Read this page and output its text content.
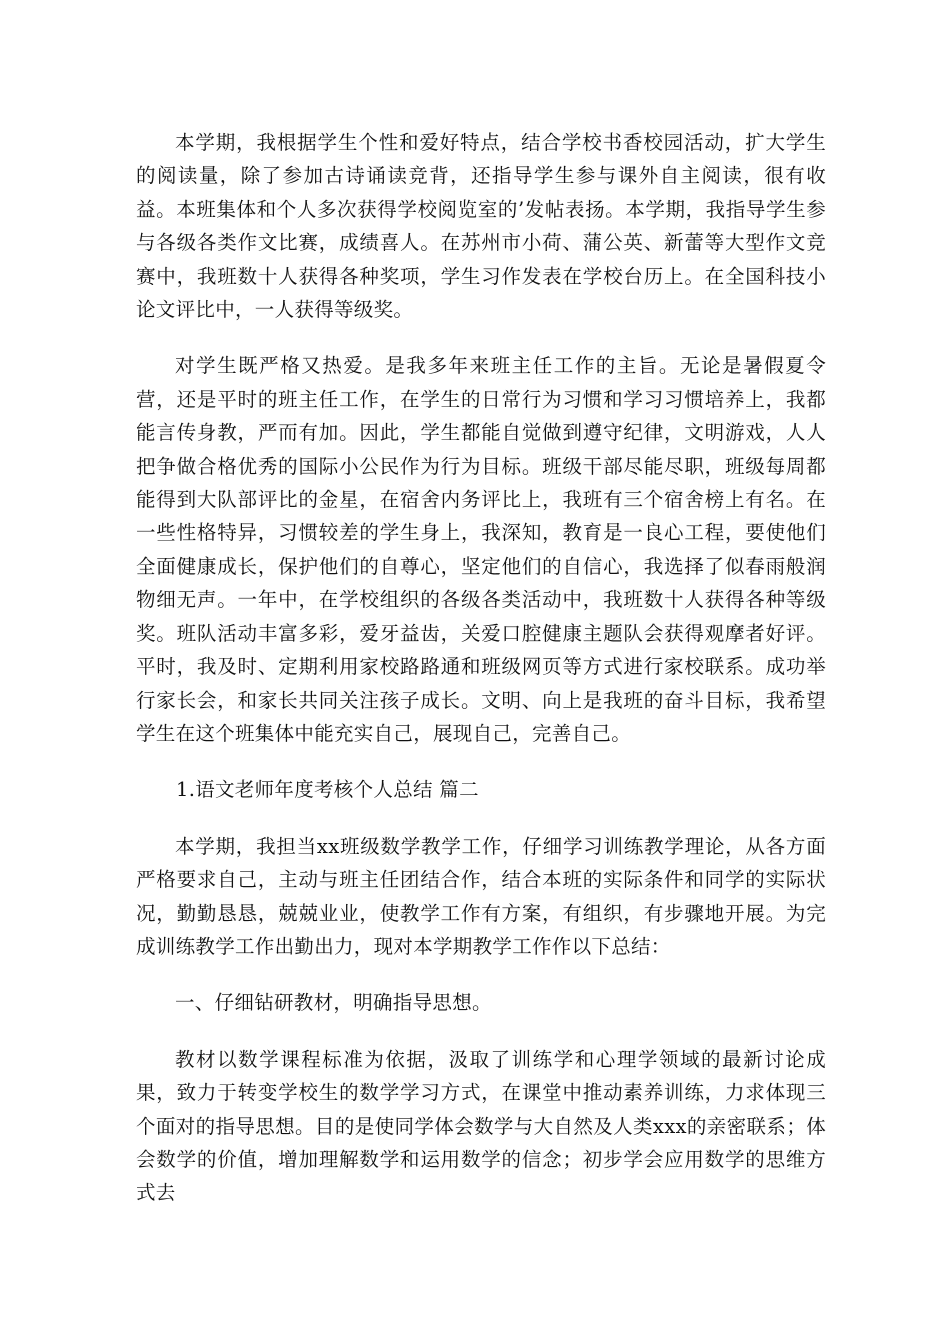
本学期，我根据学生个性和爱好特点，结合学校书香校园活动，扩大学生的阅读量，除了参加古诗诵读竞背，还指导学生参与课外自主阅读，很有收益。本班集体和个人多次获得学校阅览室的’发帖表扬。本学期，我指导学生参与各级各类作文比赛，成绩喜人。在苏州市小荷、蒲公英、新蕾等大型作文竞赛中，我班数十人获得各种奖项，学生习作发表在学校台历上。在全国科技小论文评比中，一人获得等级奖。

对学生既严格又热爱。是我多年来班主任工作的主旨。无论是暑假夏令营，还是平时的班主任工作，在学生的日常行为习惯和学习习惯培养上，我都能言传身教，严而有加。因此，学生都能自觉做到遵守纪律，文明游戏，人人把争做合格优秀的国际小公民作为行为目标。班级干部尽能尽职，班级每周都能得到大队部评比的金星，在宿舍内务评比上，我班有三个宿舍榜上有名。在一些性格特异，习惯较差的学生身上，我深知，教育是一良心工程，要使他们全面健康成长，保护他们的自尊心，坚定他们的自信心，我选择了似春雨般润物细无声。一年中，在学校组织的各级各类活动中，我班数十人获得各种等级奖。班队活动丰富多彩，爱牙益齿，关爱口腔健康主题队会获得观摩者好评。平时，我及时、定期利用家校路路通和班级网页等方式进行家校联系。成功举行家长会，和家长共同关注孩子成长。文明、向上是我班的奋斗目标，我希望学生在这个班集体中能充实自己，展现自己，完善自己。

1.语文老师年度考核个人总结 篇二

本学期，我担当xx班级数学教学工作，仔细学习训练教学理论，从各方面严格要求自己，主动与班主任团结合作，结合本班的实际条件和同学的实际状况，勤勤恳恳，兢兢业业，使教学工作有方案，有组织，有步骤地开展。为完成训练教学工作出勤出力，现对本学期教学工作作以下总结：

一、仔细钻研教材，明确指导思想。

教材以数学课程标准为依据，汲取了训练学和心理学领域的最新讨论成果，致力于转变学校生的数学学习方式，在课堂中推动素养训练，力求体现三个面对的指导思想。目的是使同学体会数学与大自然及人类xxx的亲密联系；体会数学的价值，增加理解数学和运用数学的信念；初步学会应用数学的思维方式去
